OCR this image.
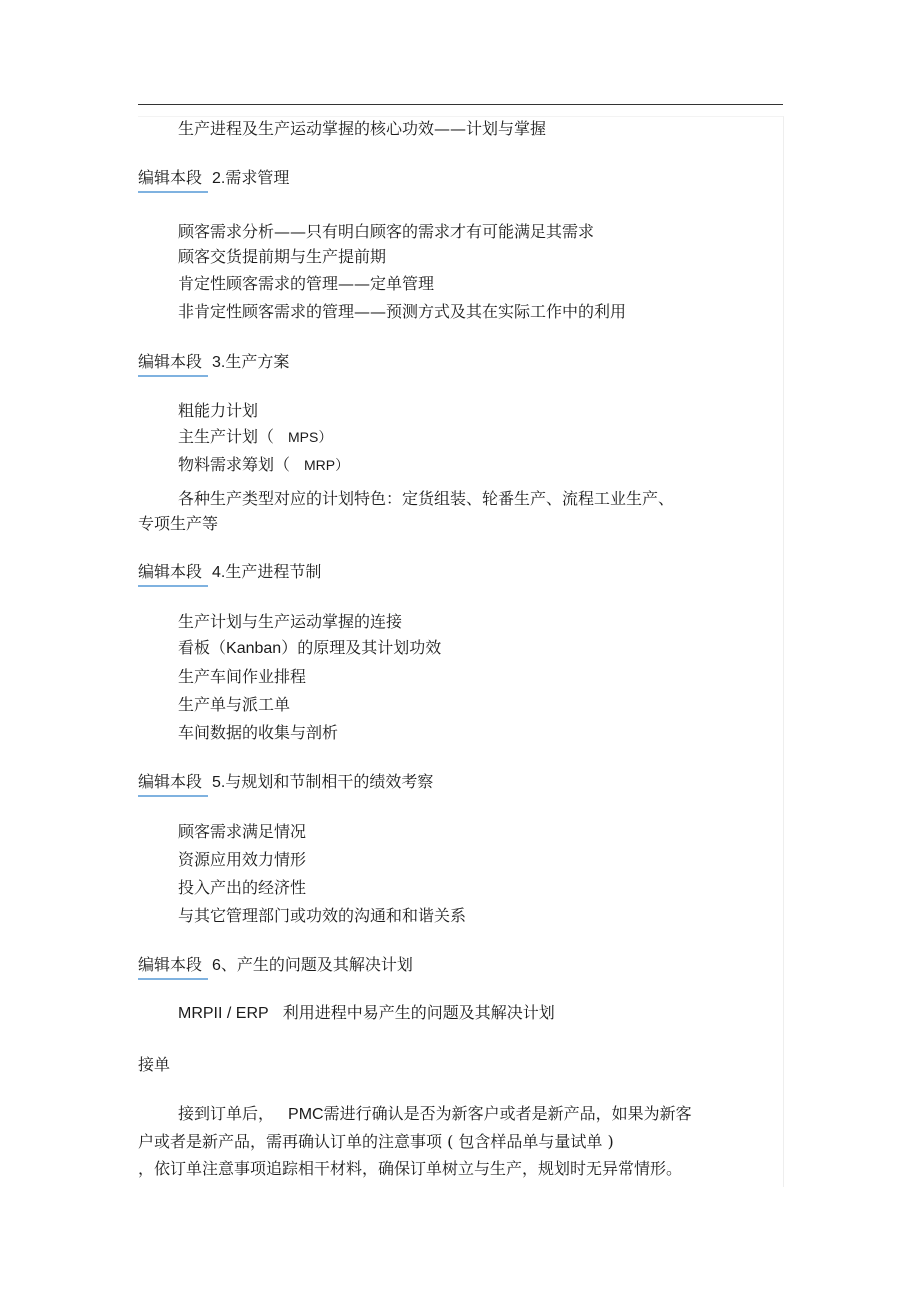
生产进程及生产运动掌握的核心功效——计划与掌握
编辑本段 2.需求管理
顾客需求分析——只有明白顾客的需求才有可能满足其需求
顾客交货提前期与生产提前期
肯定性顾客需求的管理——定单管理
非肯定性顾客需求的管理——预测方式及其在实际工作中的利用
编辑本段 3.生产方案
粗能力计划
主生产计划（ MPS）
物料需求筹划（ MRP）
各种生产类型对应的计划特色：定货组装、轮番生产、流程工业生产、
专项生产等
编辑本段 4.生产进程节制
生产计划与生产运动掌握的连接
看板（Kanban）的原理及其计划功效
生产车间作业排程
生产单与派工单
车间数据的收集与剖析
编辑本段 5.与规划和节制相干的绩效考察
顾客需求满足情况
资源应用效力情形
投入产出的经济性
与其它管理部门或功效的沟通和和谐关系
编辑本段 6、产生的问题及其解决计划
MRPII / ERP 利用进程中易产生的问题及其解决计划
接单
接到订单后， PMC需进行确认是否为新客户或者是新产品，如果为新客
户或者是新产品，需再确认订单的注意事项 ( 包含样品单与量试单 )
，依订单注意事项追踪相干材料，确保订单树立与生产，规划时无异常情形。
